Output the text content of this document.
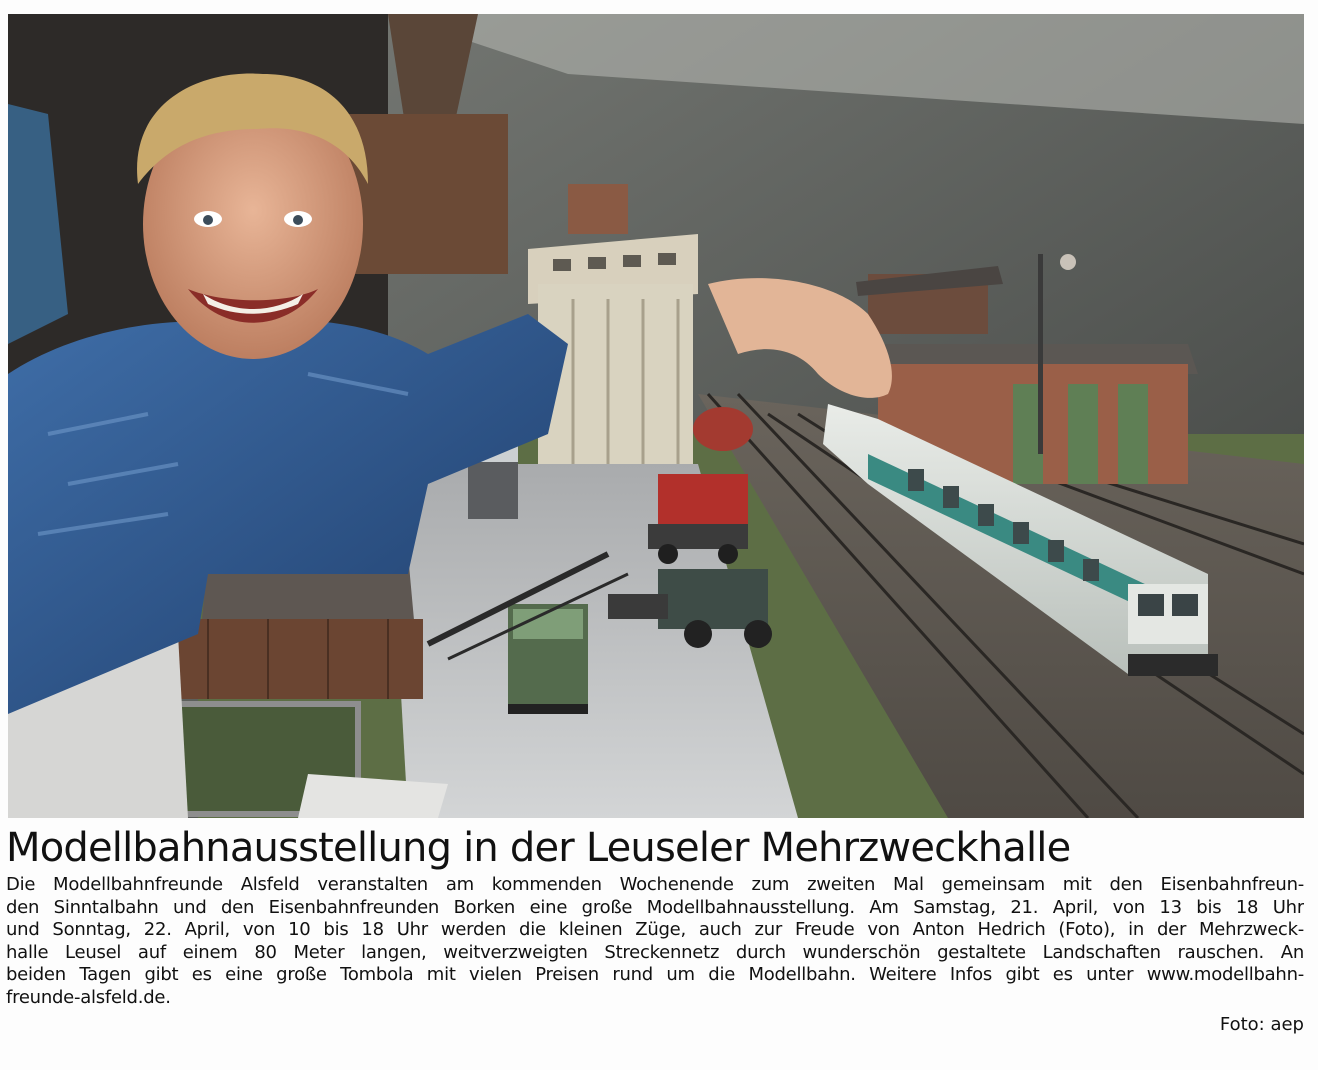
Modellbahnausstellung in der Leuseler Mehrzweckhalle
Die Modellbahnfreunde Alsfeld veranstalten am kommenden Wochenende zum zweiten Mal gemeinsam mit den Eisenbahnfreun-
den Sinntalbahn und den Eisenbahnfreunden Borken eine große Modellbahnausstellung. Am Samstag, 21. April, von 13 bis 18 Uhr
und Sonntag, 22. April, von 10 bis 18 Uhr werden die kleinen Züge, auch zur Freude von Anton Hedrich (Foto), in der Mehrzweck-
halle Leusel auf einem 80 Meter langen, weitverzweigten Streckennetz durch wunderschön gestaltete Landschaften rauschen. An
beiden Tagen gibt es eine große Tombola mit vielen Preisen rund um die Modellbahn. Weitere Infos gibt es unter www.modellbahn-
freunde-alsfeld.de.
Foto: aep
